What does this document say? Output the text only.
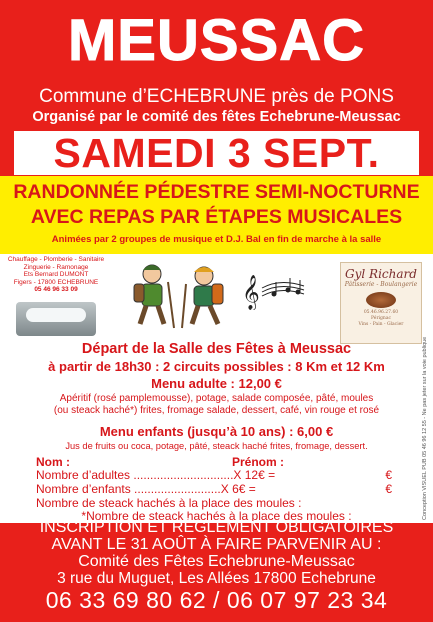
MEUSSAC
Commune d’ECHEBRUNE près de PONS
Organisé par le comité des fêtes Echebrune-Meussac
SAMEDI 3 SEPT.
RANDONNÉE PÉDESTRE SEMI-NOCTURNE
AVEC REPAS PAR ÉTAPES MUSICALES
Animées par 2 groupes de musique et D.J. Bal en fin de marche à la salle
Chauffage - Plomberie - Sanitaire
Zinguerie - Ramonage
Ets Bernard DUMONT
Figers - 17800 ECHEBRUNE
05 46 96 33 09	𝄞
Gyl Richard
Pâtisserie - Boulangerie
05.46.96.27.60
Pérignac
Vins - Pain - Glacier
Conception VISUEL PUB 05 46 96 12 55 - Ne pas jeter sur la voie publique
Départ de la Salle des Fêtes à Meussac
à partir de 18h30 : 2 circuits possibles : 8 Km et 12 Km
Menu adulte : 12,00 €
Apéritif (rosé pamplemousse), potage, salade composée, pâté, moules
(ou steack haché*) frites, fromage salade, dessert, café, vin rouge et rosé
Menu enfants (jusqu’à 10 ans) : 6,00 €
Jus de fruits ou coca, potage, pâté, steack haché frites, fromage, dessert.
Nom :	Prénom :
Nombre d’adultes ..............................X 12€ =	€
Nombre d’enfants ..........................X 6€ =	€
Nombre de steack hachés à la place des moules :
*Nombre de steack hachés à la place des moules :
INSCRIPTION ET RÈGLEMENT OBLIGATOIRES
AVANT LE 31 AOÛT À FAIRE PARVENIR AU :
Comité des Fêtes Echebrune-Meussac
3 rue du Muguet, Les Allées 17800 Echebrune
06 33 69 80 62 / 06 07 97 23 34
